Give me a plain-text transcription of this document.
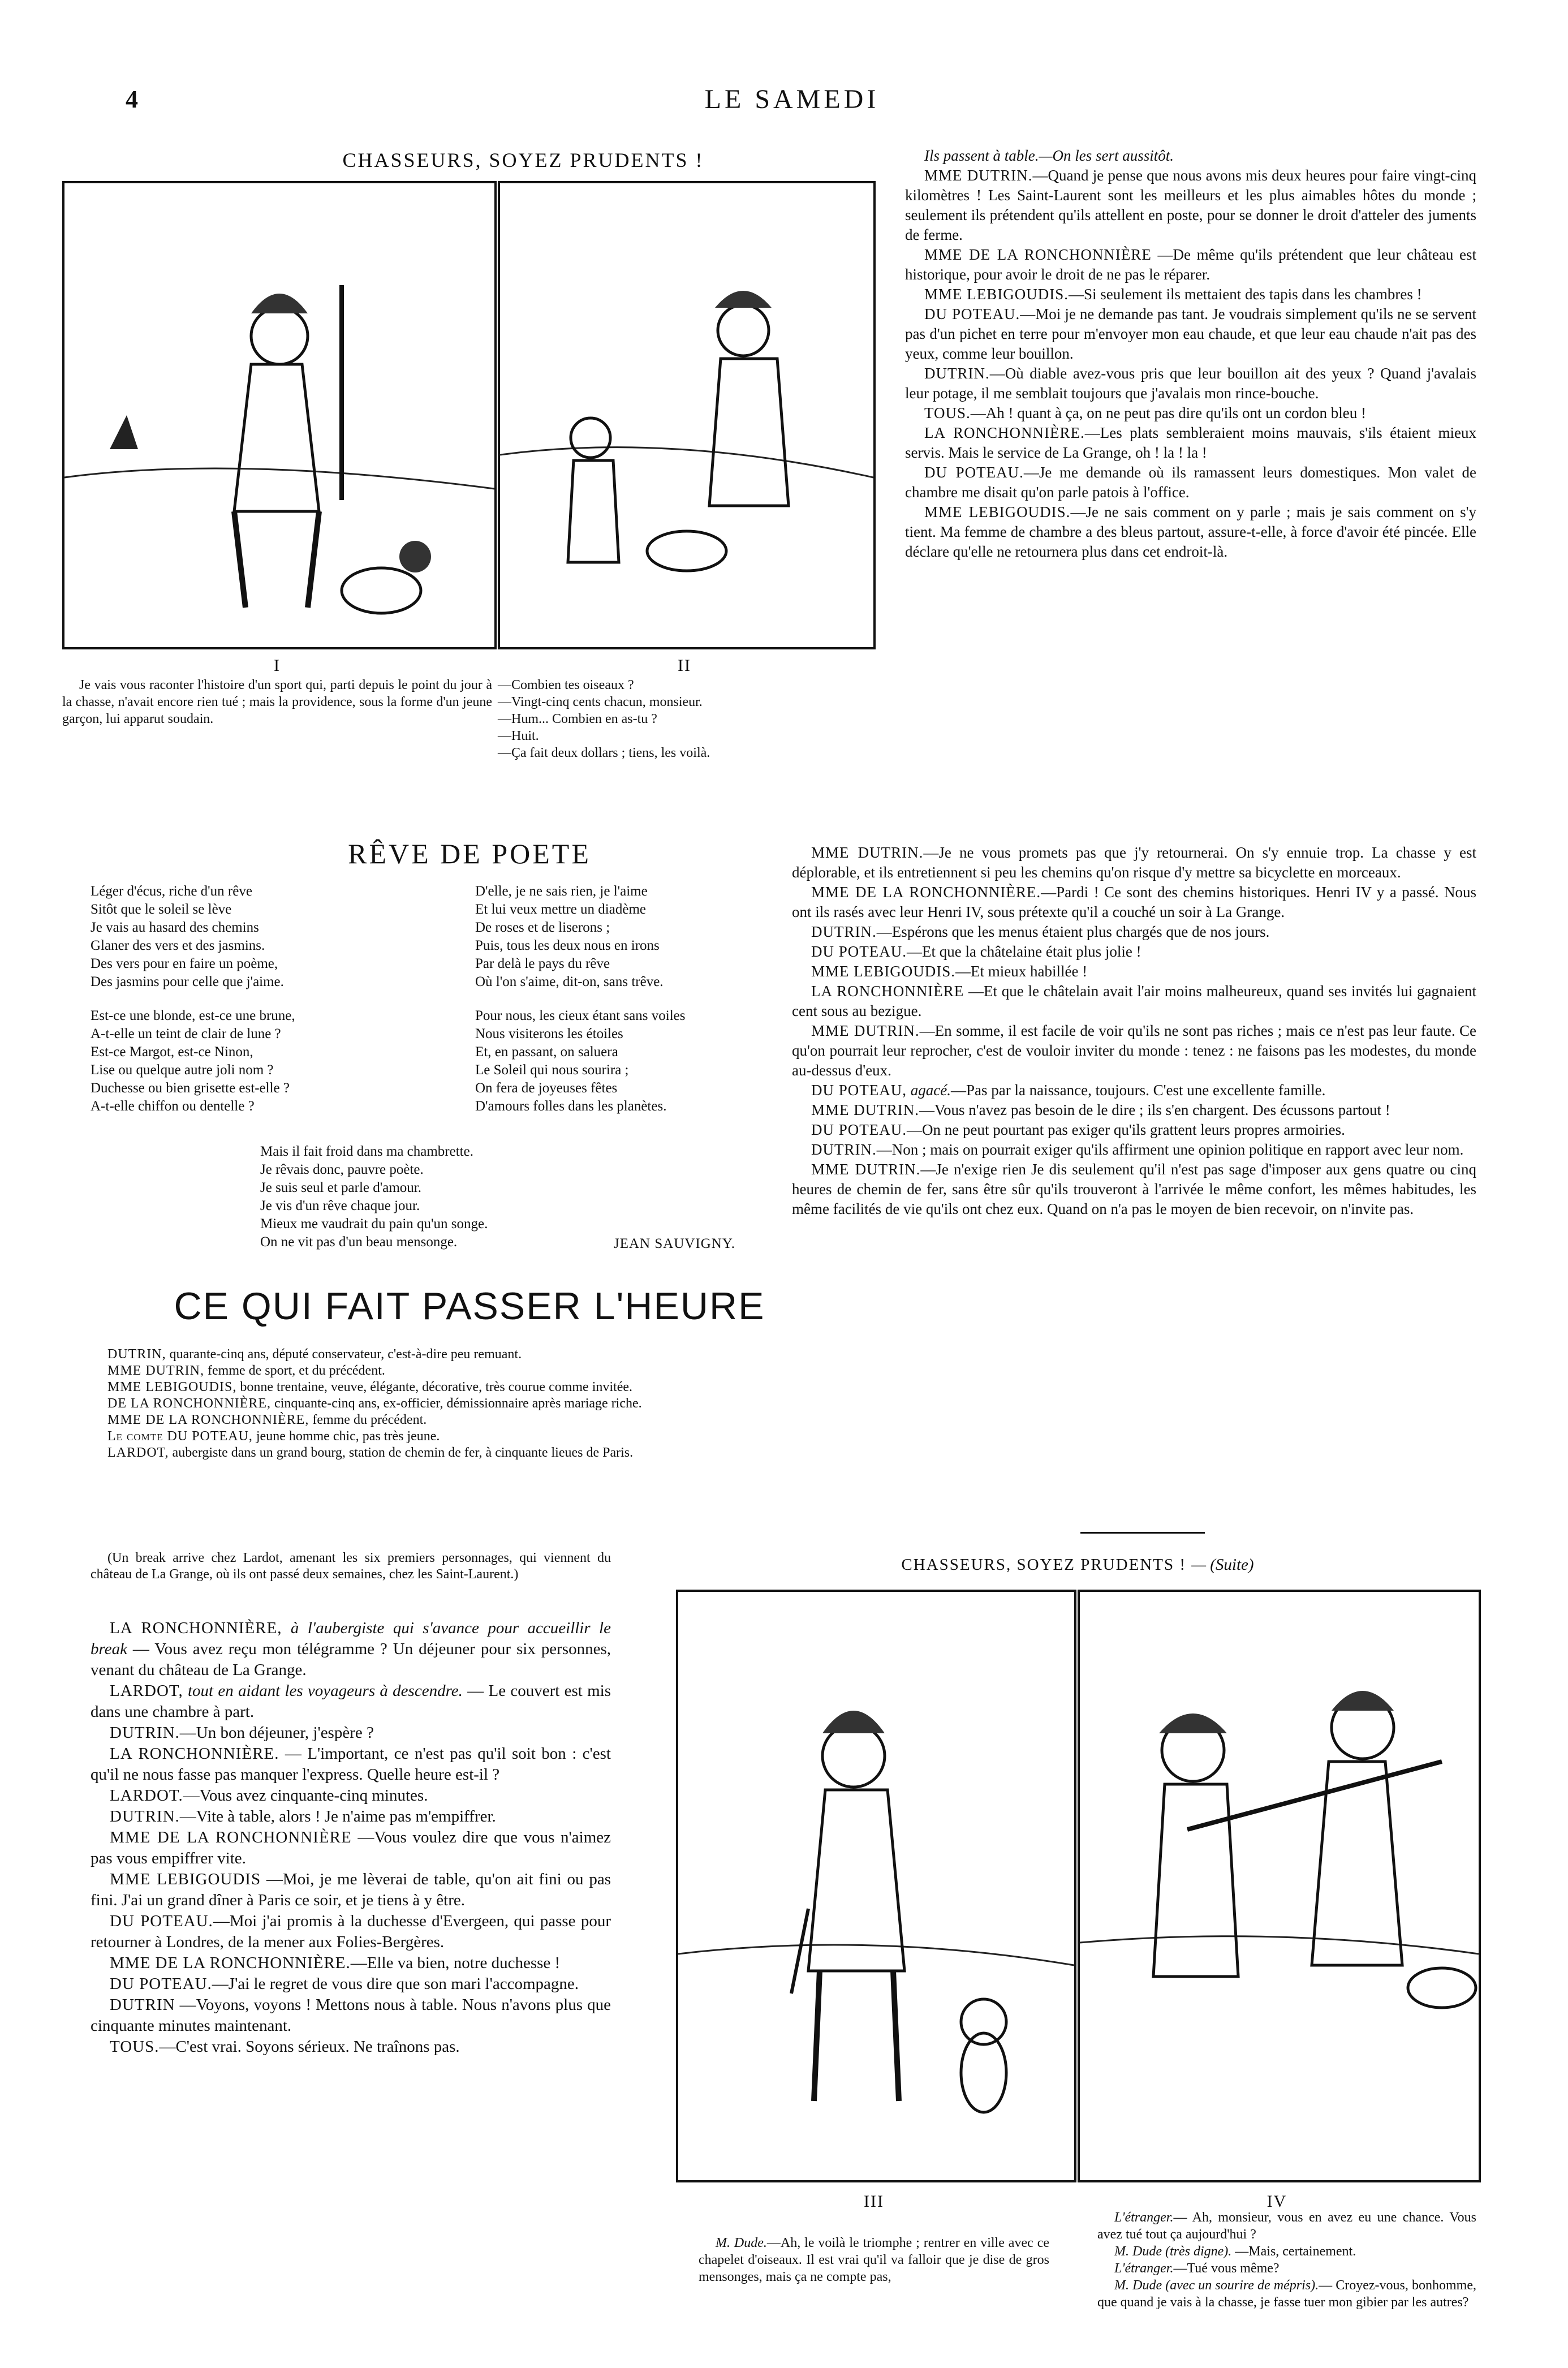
4	LE SAMEDI
CHASSEURS, SOYEZ PRUDENTS !
I
Je vais vous raconter l'histoire d'un sport qui, parti depuis le point du jour à la chasse, n'avait encore rien tué ; mais la providence, sous la forme d'un jeune garçon, lui apparut soudain.
II
—Combien tes oiseaux ?
—Vingt-cinq cents chacun, monsieur.
—Hum... Combien en as-tu ?
—Huit.
—Ça fait deux dollars ; tiens, les voilà.
RÊVE DE POETE
Léger d'écus, riche d'un rêve
Sitôt que le soleil se lève
Je vais au hasard des chemins
Glaner des vers et des jasmins.
Des vers pour en faire un poème,
Des jasmins pour celle que j'aime.
Est-ce une blonde, est-ce une brune,
A-t-elle un teint de clair de lune ?
Est-ce Margot, est-ce Ninon,
Lise ou quelque autre joli nom ?
Duchesse ou bien grisette est-elle ?
A-t-elle chiffon ou dentelle ?
D'elle, je ne sais rien, je l'aime
Et lui veux mettre un diadème
De roses et de liserons ;
Puis, tous les deux nous en irons
Par delà le pays du rêve
Où l'on s'aime, dit-on, sans trêve.
Pour nous, les cieux étant sans voiles
Nous visiterons les étoiles
Et, en passant, on saluera
Le Soleil qui nous sourira ;
On fera de joyeuses fêtes
D'amours folles dans les planètes.
Mais il fait froid dans ma chambrette.
Je rêvais donc, pauvre poète.
Je suis seul et parle d'amour.
Je vis d'un rêve chaque jour.
Mieux me vaudrait du pain qu'un songe.
On ne vit pas d'un beau mensonge.	JEAN SAUVIGNY.
CE QUI FAIT PASSER L'HEURE
DUTRIN, quarante-cinq ans, député conservateur, c'est-à-dire peu remuant.
MME DUTRIN, femme de sport, et du précédent.
MME LEBIGOUDIS, bonne trentaine, veuve, élégante, décorative, très courue comme invitée.
DE LA RONCHONNIÈRE, cinquante-cinq ans, ex-officier, démissionnaire après mariage riche.
MME DE LA RONCHONNIÈRE, femme du précédent.
Le comte DU POTEAU, jeune homme chic, pas très jeune.
LARDOT, aubergiste dans un grand bourg, station de chemin de fer, à cinquante lieues de Paris.
(Un break arrive chez Lardot, amenant les six premiers personnages, qui viennent du château de La Grange, où ils ont passé deux semaines, chez les Saint-Laurent.)

LA RONCHONNIÈRE, à l'aubergiste qui s'avance pour accueillir le break — Vous avez reçu mon télégramme ? Un déjeuner pour six personnes, venant du château de La Grange.

LARDOT, tout en aidant les voyageurs à descendre. — Le couvert est mis dans une chambre à part.

DUTRIN.—Un bon déjeuner, j'espère ?

LA RONCHONNIÈRE. — L'important, ce n'est pas qu'il soit bon : c'est qu'il ne nous fasse pas manquer l'express. Quelle heure est-il ?

LARDOT.—Vous avez cinquante-cinq minutes.

DUTRIN.—Vite à table, alors ! Je n'aime pas m'empiffrer.

MME DE LA RONCHONNIÈRE —Vous voulez dire que vous n'aimez pas vous empiffrer vite.

MME LEBIGOUDIS —Moi, je me lèverai de table, qu'on ait fini ou pas fini. J'ai un grand dîner à Paris ce soir, et je tiens à y être.

DU POTEAU.—Moi j'ai promis à la duchesse d'Evergeen, qui passe pour retourner à Londres, de la mener aux Folies-Bergères.

MME DE LA RONCHONNIÈRE.—Elle va bien, notre duchesse !

DU POTEAU.—J'ai le regret de vous dire que son mari l'accompagne.

DUTRIN —Voyons, voyons ! Mettons nous à table. Nous n'avons plus que cinquante minutes maintenant.

TOUS.—C'est vrai. Soyons sérieux. Ne traînons pas.

Ils passent à table.—On les sert aussitôt.

MME DUTRIN.—Quand je pense que nous avons mis deux heures pour faire vingt-cinq kilomètres ! Les Saint-Laurent sont les meilleurs et les plus aimables hôtes du monde ; seulement ils prétendent qu'ils attellent en poste, pour se donner le droit d'atteler des juments de ferme.

MME DE LA RONCHONNIÈRE —De même qu'ils prétendent que leur château est historique, pour avoir le droit de ne pas le réparer.

MME LEBIGOUDIS.—Si seulement ils mettaient des tapis dans les chambres !

DU POTEAU.—Moi je ne demande pas tant. Je voudrais simplement qu'ils ne se servent pas d'un pichet en terre pour m'envoyer mon eau chaude, et que leur eau chaude n'ait pas des yeux, comme leur bouillon.

DUTRIN.—Où diable avez-vous pris que leur bouillon ait des yeux ? Quand j'avalais leur potage, il me semblait toujours que j'avalais mon rince-bouche.

TOUS.—Ah ! quant à ça, on ne peut pas dire qu'ils ont un cordon bleu !

LA RONCHONNIÈRE.—Les plats sembleraient moins mauvais, s'ils étaient mieux servis. Mais le service de La Grange, oh ! la ! la !

DU POTEAU.—Je me demande où ils ramassent leurs domestiques. Mon valet de chambre me disait qu'on parle patois à l'office.

MME LEBIGOUDIS.—Je ne sais comment on y parle ; mais je sais comment on s'y tient. Ma femme de chambre a des bleus partout, assure-t-elle, à force d'avoir été pincée. Elle déclare qu'elle ne retournera plus dans cet endroit-là.

MME DUTRIN.—Je ne vous promets pas que j'y retournerai. On s'y ennuie trop. La chasse y est déplorable, et ils entretiennent si peu les chemins qu'on risque d'y mettre sa bicyclette en morceaux.

MME DE LA RONCHONNIÈRE.—Pardi ! Ce sont des chemins historiques. Henri IV y a passé. Nous ont ils rasés avec leur Henri IV, sous prétexte qu'il a couché un soir à La Grange.

DUTRIN.—Espérons que les menus étaient plus chargés que de nos jours.

DU POTEAU.—Et que la châtelaine était plus jolie !

MME LEBIGOUDIS.—Et mieux habillée !

LA RONCHONNIÈRE —Et que le châtelain avait l'air moins malheureux, quand ses invités lui gagnaient cent sous au bezigue.

MME DUTRIN.—En somme, il est facile de voir qu'ils ne sont pas riches ; mais ce n'est pas leur faute. Ce qu'on pourrait leur reprocher, c'est de vouloir inviter du monde : tenez : ne faisons pas les modestes, du monde au-dessus d'eux.

DU POTEAU, agacé.—Pas par la naissance, toujours. C'est une excellente famille.

MME DUTRIN.—Vous n'avez pas besoin de le dire ; ils s'en chargent. Des écussons partout !

DU POTEAU.—On ne peut pourtant pas exiger qu'ils grattent leurs propres armoiries.

DUTRIN.—Non ; mais on pourrait exiger qu'ils affirment une opinion politique en rapport avec leur nom.

MME DUTRIN.—Je n'exige rien Je dis seulement qu'il n'est pas sage d'imposer aux gens quatre ou cinq heures de chemin de fer, sans être sûr qu'ils trouveront à l'arrivée le même confort, les mêmes habitudes, les même facilités de vie qu'ils ont chez eux. Quand on n'a pas le moyen de bien recevoir, on n'invite pas.

CHASSEURS, SOYEZ PRUDENTS ! — (Suite)
III
M. Dude.—Ah, le voilà le triomphe ; rentrer en ville avec ce chapelet d'oiseaux. Il est vrai qu'il va falloir que je dise de gros mensonges, mais ça ne compte pas,
IV
L'étranger.— Ah, monsieur, vous en avez eu une chance. Vous avez tué tout ça aujourd'hui ?
M. Dude (très digne). —Mais, certainement.
L'étranger.—Tué vous même?
M. Dude (avec un sourire de mépris).— Croyez-vous, bonhomme, que quand je vais à la chasse, je fasse tuer mon gibier par les autres?
